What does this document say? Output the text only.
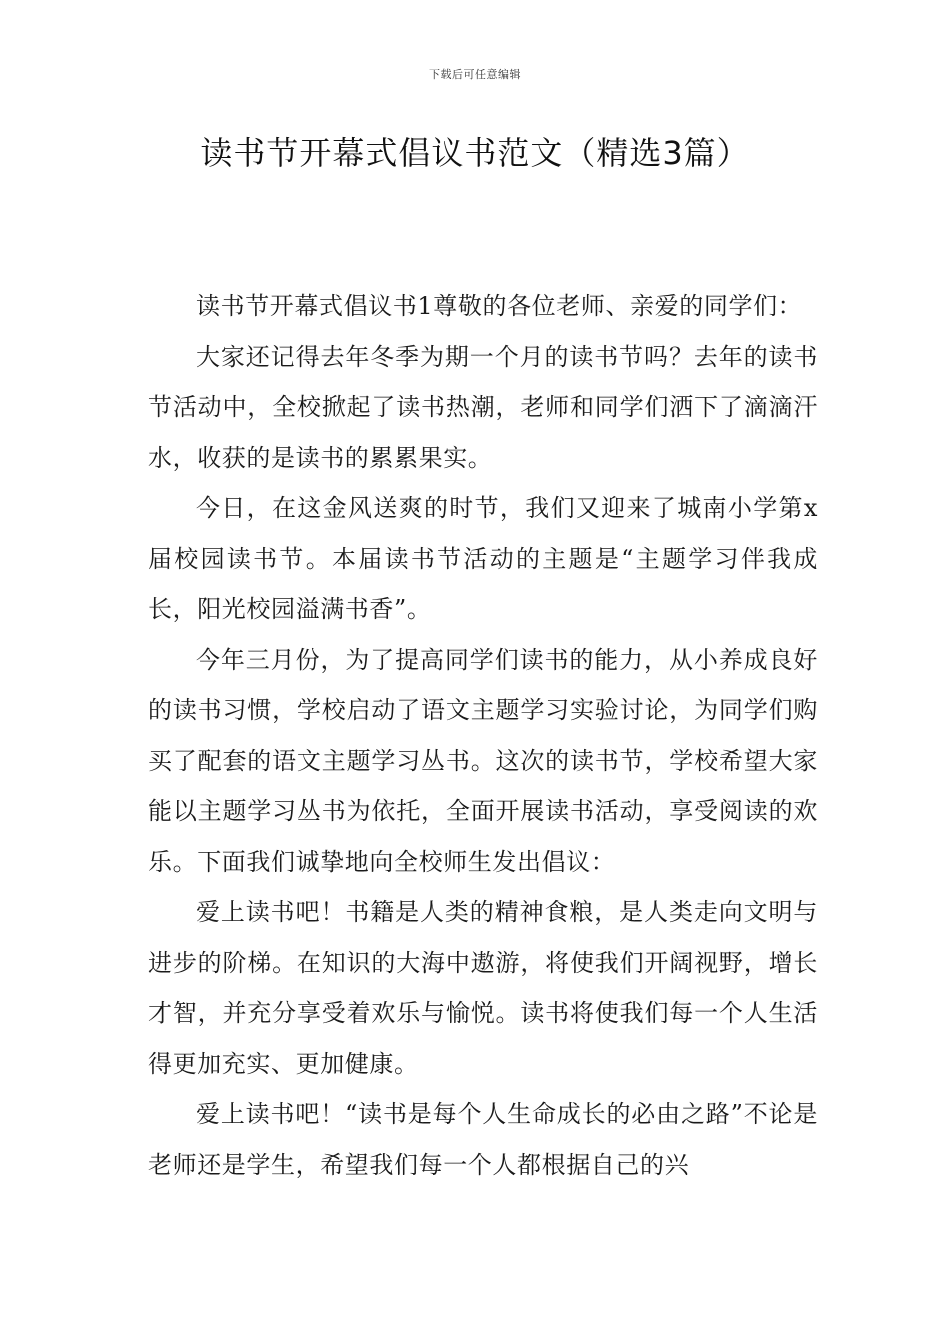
下载后可任意编辑
读书节开幕式倡议书范文（精选3篇）

读书节开幕式倡议书1尊敬的各位老师、亲爱的同学们：

大家还记得去年冬季为期一个月的读书节吗？去年的读书节活动中，全校掀起了读书热潮，老师和同学们洒下了滴滴汗水，收获的是读书的累累果实。

今日，在这金风送爽的时节，我们又迎来了城南小学第x届校园读书节。本届读书节活动的主题是“主题学习伴我成长，阳光校园溢满书香”。

今年三月份，为了提高同学们读书的能力，从小养成良好的读书习惯，学校启动了语文主题学习实验讨论，为同学们购买了配套的语文主题学习丛书。这次的读书节，学校希望大家能以主题学习丛书为依托，全面开展读书活动，享受阅读的欢乐。下面我们诚挚地向全校师生发出倡议：

爱上读书吧！书籍是人类的精神食粮，是人类走向文明与进步的阶梯。在知识的大海中遨游，将使我们开阔视野，增长才智，并充分享受着欢乐与愉悦。读书将使我们每一个人生活得更加充实、更加健康。

爱上读书吧！“读书是每个人生命成长的必由之路”不论是老师还是学生，希望我们每一个人都根据自己的兴
